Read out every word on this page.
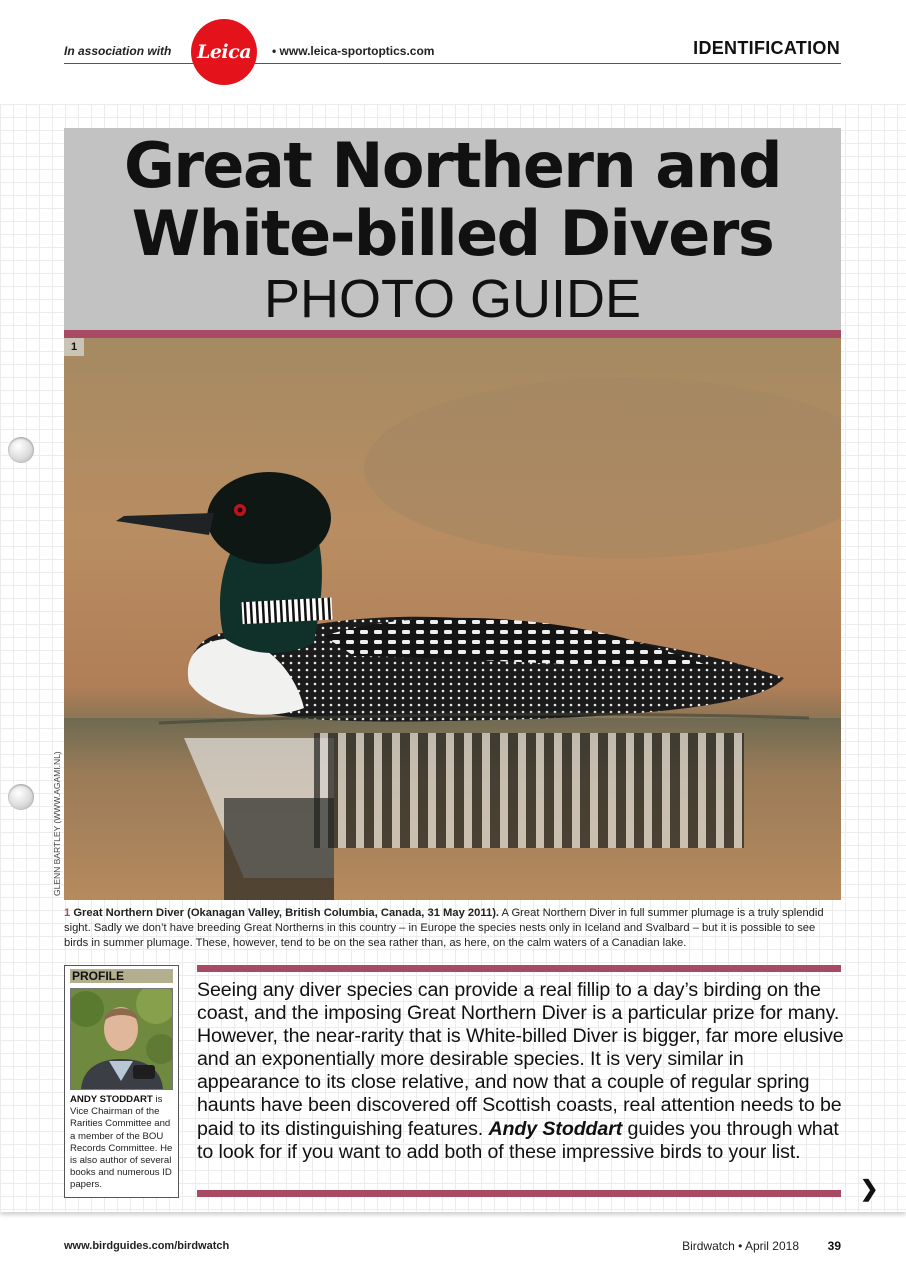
In association with Leica • www.leica-sportoptics.com	IDENTIFICATION
Great Northern and
White-billed Divers
PHOTO GUIDE
1
GLENN BARTLEY (WWW.AGAMI.NL)
1 Great Northern Diver (Okanagan Valley, British Columbia, Canada, 31 May 2011). A Great Northern Diver in full summer plumage is a truly splendid sight. Sadly we don’t have breeding Great Northerns in this country – in Europe the species nests only in Iceland and Svalbard – but it is possible to see birds in summer plumage. These, however, tend to be on the sea rather than, as here, on the calm waters of a Canadian lake.
PROFILE
ANDY STODDART is Vice Chairman of the Rarities Committee and a member of the BOU Records Committee. He is also author of several books and numerous ID papers.
Seeing any diver species can provide a real fillip to a day’s birding on the coast, and the imposing Great Northern Diver is a particular prize for many. However, the near-rarity that is White-billed Diver is bigger, far more elusive and an exponentially more desirable species. It is very similar in appearance to its close relative, and now that a couple of regular spring haunts have been discovered off Scottish coasts, real attention needs to be paid to its distinguishing features. Andy Stoddart guides you through what to look for if you want to add both of these impressive birds to your list.
❯
www.birdguides.com/birdwatch	Birdwatch • April 2018 39
